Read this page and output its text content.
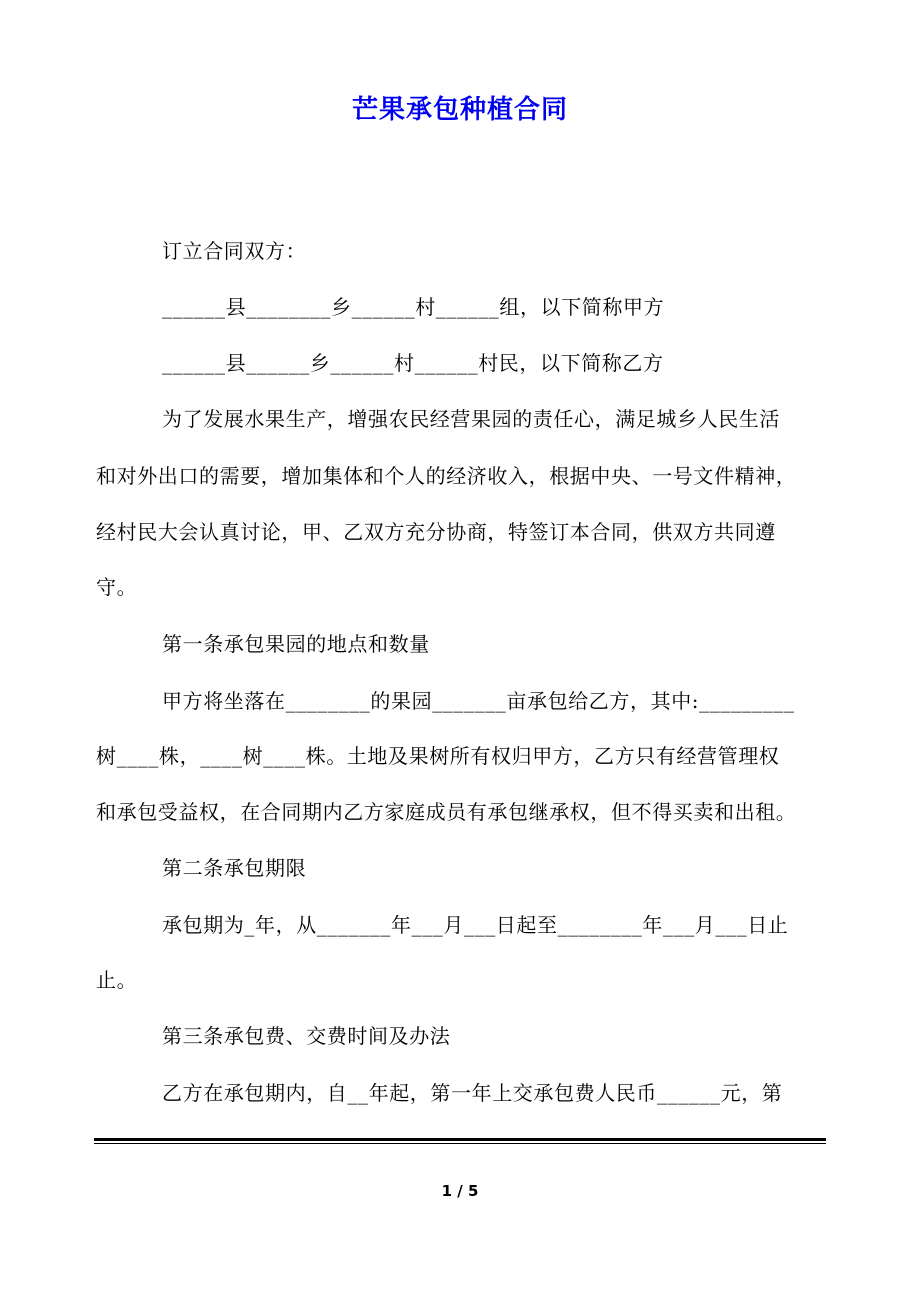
芒果承包种植合同
订立合同双方：
______县________乡______村______组，以下简称甲方
______县______乡______村______村民，以下简称乙方
为了发展水果生产，增强农民经营果园的责任心，满足城乡人民生活
和对外出口的需要，增加集体和个人的经济收入，根据中央、一号文件精神，
经村民大会认真讨论，甲、乙双方充分协商，特签订本合同，供双方共同遵
守。
第一条承包果园的地点和数量
甲方将坐落在________的果园_______亩承包给乙方，其中:_________
树____株，____树____株。土地及果树所有权归甲方，乙方只有经营管理权
和承包受益权，在合同期内乙方家庭成员有承包继承权，但不得买卖和出租。
第二条承包期限
承包期为_年，从_______年___月___日起至________年___月___日止
止。
第三条承包费、交费时间及办法
乙方在承包期内，自__年起，第一年上交承包费人民币______元，第
1 / 5
